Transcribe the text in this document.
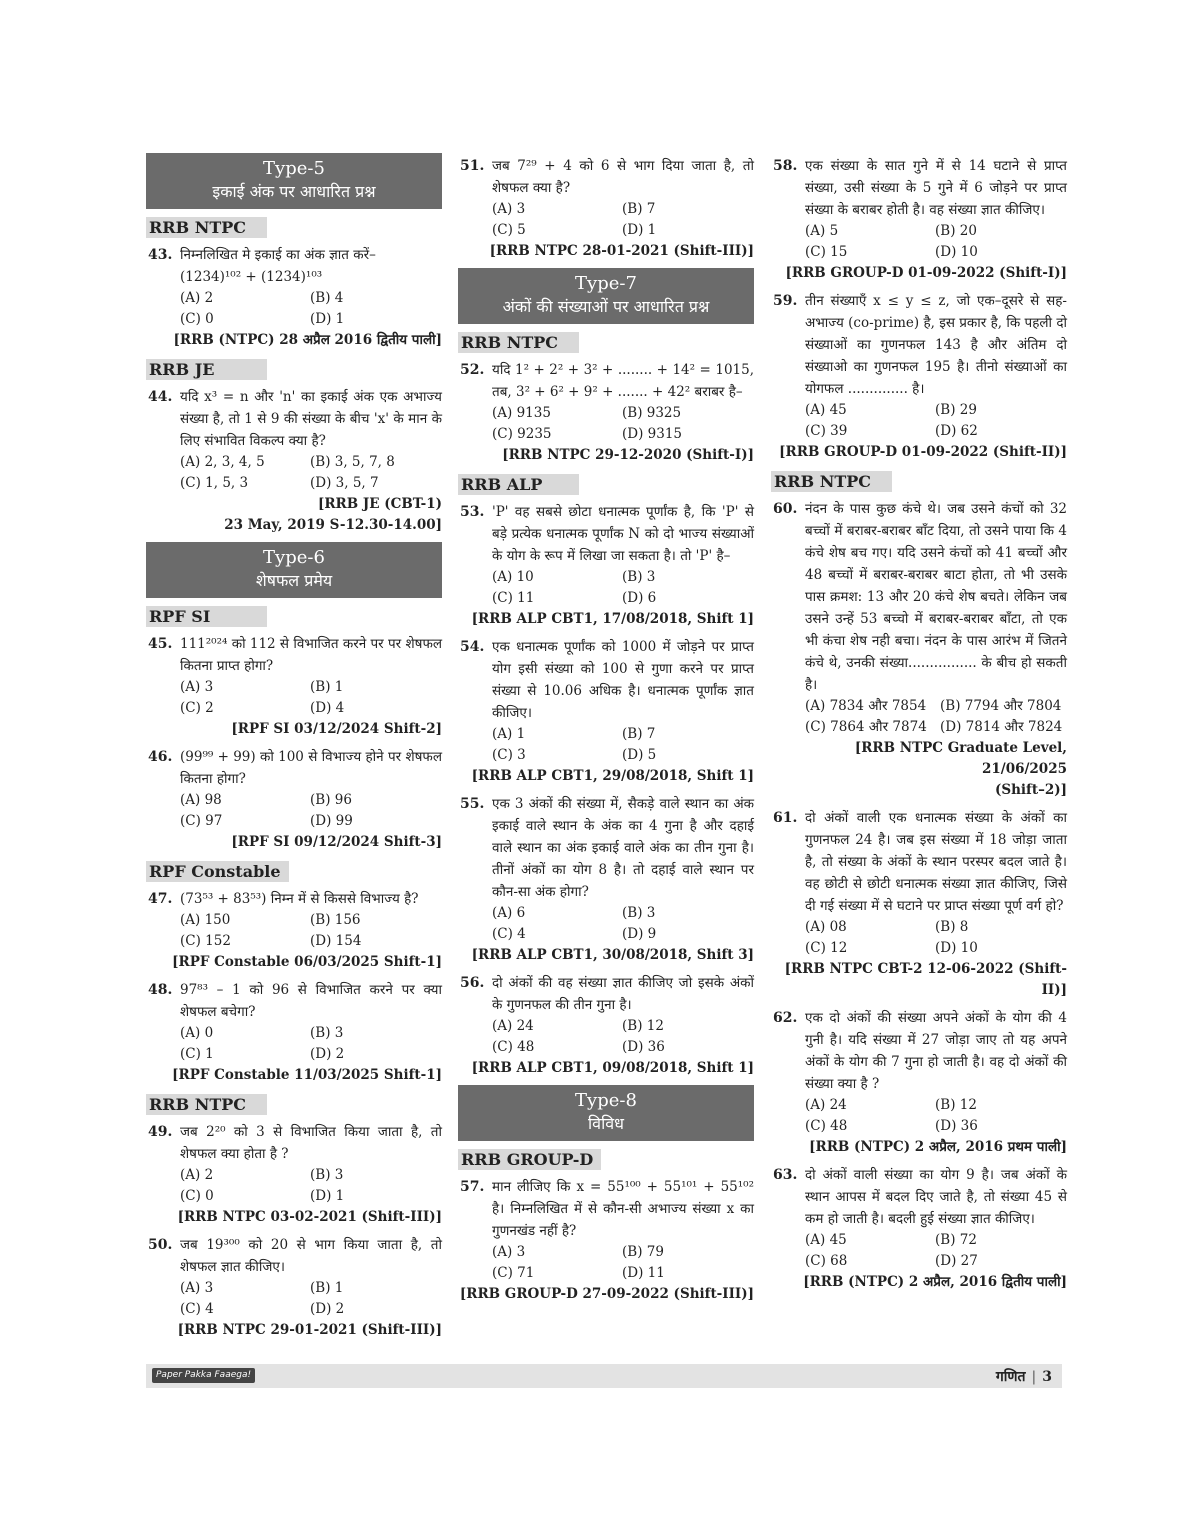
Type-5
इकाई अंक पर आधारित प्रश्न
RRB NTPC
43. निम्नलिखित मे इकाई का अंक ज्ञात करें–
(1234)¹⁰² + (1234)¹⁰³
(A) 2	(B) 4
(C) 0	(D) 1
[RRB (NTPC) 28 अप्रैल 2016 द्वितीय पाली]
RRB JE
44. यदि x³ = n और 'n' का इकाई अंक एक अभाज्य संख्या है, तो 1 से 9 की संख्या के बीच 'x' के मान के लिए संभावित विकल्प क्या है?
(A) 2, 3, 4, 5	(B) 3, 5, 7, 8
(C) 1, 5, 3	(D) 3, 5, 7
[RRB JE (CBT-1)
23 May, 2019 S-12.30-14.00]
Type-6
शेषफल प्रमेय
RPF SI
45. 111²⁰²⁴ को 112 से विभाजित करने पर पर शेषफल कितना प्राप्त होगा?
(A) 3	(B) 1
(C) 2	(D) 4
[RPF SI 03/12/2024 Shift-2]
46. (99⁹⁹ + 99) को 100 से विभाज्य होने पर शेषफल कितना होगा?
(A) 98	(B) 96
(C) 97	(D) 99
[RPF SI 09/12/2024 Shift-3]
RPF Constable
47. (73⁵³ + 83⁵³) निम्न में से किससे विभाज्य है?
(A) 150	(B) 156
(C) 152	(D) 154
[RPF Constable 06/03/2025 Shift-1]
48. 97⁸³ – 1 को 96 से विभाजित करने पर क्या शेषफल बचेगा?
(A) 0	(B) 3
(C) 1	(D) 2
[RPF Constable 11/03/2025 Shift-1]
RRB NTPC
49. जब 2²⁰ को 3 से विभाजित किया जाता है, तो शेषफल क्या होता है ?
(A) 2	(B) 3
(C) 0	(D) 1
[RRB NTPC 03-02-2021 (Shift-III)]
50. जब 19³⁰⁰ को 20 से भाग किया जाता है, तो शेषफल ज्ञात कीजिए।
(A) 3	(B) 1
(C) 4	(D) 2
[RRB NTPC 29-01-2021 (Shift-III)]
51. जब 7²⁹ + 4 को 6 से भाग दिया जाता है, तो शेषफल क्या है?
(A) 3	(B) 7
(C) 5	(D) 1
[RRB NTPC 28-01-2021 (Shift-III)]
Type-7
अंकों की संख्याओं पर आधारित प्रश्न
RRB NTPC
52. यदि 1² + 2² + 3² + ........ + 14² = 1015, तब, 3² + 6² + 9² + ....... + 42² बराबर है–
(A) 9135	(B) 9325
(C) 9235	(D) 9315
[RRB NTPC 29-12-2020 (Shift-I)]
RRB ALP
53. 'P' वह सबसे छोटा धनात्मक पूर्णांक है, कि 'P' से बड़े प्रत्येक धनात्मक पूर्णांक N को दो भाज्य संख्याओं के योग के रूप में लिखा जा सकता है। तो 'P' है–
(A) 10	(B) 3
(C) 11	(D) 6
[RRB ALP CBT1, 17/08/2018, Shift 1]
54. एक धनात्मक पूर्णांक को 1000 में जोड़ने पर प्राप्त योग इसी संख्या को 100 से गुणा करने पर प्राप्त संख्या से 10.06 अधिक है। धनात्मक पूर्णांक ज्ञात कीजिए।
(A) 1	(B) 7
(C) 3	(D) 5
[RRB ALP CBT1, 29/08/2018, Shift 1]
55. एक 3 अंकों की संख्या में, सैकड़े वाले स्थान का अंक इकाई वाले स्थान के अंक का 4 गुना है और दहाई वाले स्थान का अंक इकाई वाले अंक का तीन गुना है। तीनों अंकों का योग 8 है। तो दहाई वाले स्थान पर कौन-सा अंक होगा?
(A) 6	(B) 3
(C) 4	(D) 9
[RRB ALP CBT1, 30/08/2018, Shift 3]
56. दो अंकों की वह संख्या ज्ञात कीजिए जो इसके अंकों के गुणनफल की तीन गुना है।
(A) 24	(B) 12
(C) 48	(D) 36
[RRB ALP CBT1, 09/08/2018, Shift 1]
Type-8
विविध
RRB GROUP-D
57. मान लीजिए कि x = 55¹⁰⁰ + 55¹⁰¹ + 55¹⁰² है। निम्नलिखित में से कौन-सी अभाज्य संख्या x का गुणनखंड नहीं है?
(A) 3	(B) 79
(C) 71	(D) 11
[RRB GROUP-D 27-09-2022 (Shift-III)]
58. एक संख्या के सात गुने में से 14 घटाने से प्राप्त संख्या, उसी संख्या के 5 गुने में 6 जोड़ने पर प्राप्त संख्या के बराबर होती है। वह संख्या ज्ञात कीजिए।
(A) 5	(B) 20
(C) 15	(D) 10
[RRB GROUP-D 01-09-2022 (Shift-I)]
59. तीन संख्याएँ x ≤ y ≤ z, जो एक–दूसरे से सह-अभाज्य (co-prime) है, इस प्रकार है, कि पहली दो संख्याओं का गुणनफल 143 है और अंतिम दो संख्याओ का गुणनफल 195 है। तीनो संख्याओं का योगफल .............. है।
(A) 45	(B) 29
(C) 39	(D) 62
[RRB GROUP-D 01-09-2022 (Shift-II)]
RRB NTPC
60. नंदन के पास कुछ कंचे थे। जब उसने कंचों को 32 बच्चों में बराबर-बराबर बाँट दिया, तो उसने पाया कि 4 कंचे शेष बच गए। यदि उसने कंचों को 41 बच्चों और 48 बच्चों में बराबर-बराबर बाटा होता, तो भी उसके पास क्रमश: 13 और 20 कंचे शेष बचते। लेकिन जब उसने उन्हें 53 बच्चो में बराबर-बराबर बाँटा, तो एक भी कंचा शेष नही बचा। नंदन के पास आरंभ में जितने कंचे थे, उनकी संख्या................ के बीच हो सकती है।
(A) 7834 और 7854	(B) 7794 और 7804
(C) 7864 और 7874 (D) 7814 और 7824
[RRB NTPC Graduate Level, 21/06/2025
(Shift–2)]
61. दो अंकों वाली एक धनात्मक संख्या के अंकों का गुणनफल 24 है। जब इस संख्या में 18 जोड़ा जाता है, तो संख्या के अंकों के स्थान परस्पर बदल जाते है। वह छोटी से छोटी धनात्मक संख्या ज्ञात कीजिए, जिसे दी गई संख्या में से घटाने पर प्राप्त संख्या पूर्ण वर्ग हो?
(A) 08	(B) 8
(C) 12	(D) 10
[RRB NTPC CBT-2 12-06-2022 (Shift-II)]
62. एक दो अंकों की संख्या अपने अंकों के योग की 4 गुनी है। यदि संख्या में 27 जोड़ा जाए तो यह अपने अंकों के योग की 7 गुना हो जाती है। वह दो अंकों की संख्या क्या है ?
(A) 24	(B) 12
(C) 48	(D) 36
[RRB (NTPC) 2 अप्रैल, 2016 प्रथम पाली]
63. दो अंकों वाली संख्या का योग 9 है। जब अंकों के स्थान आपस में बदल दिए जाते है, तो संख्या 45 से कम हो जाती है। बदली हुई संख्या ज्ञात कीजिए।
(A) 45	(B) 72
(C) 68	(D) 27
[RRB (NTPC) 2 अप्रैल, 2016 द्वितीय पाली]
Paper Pakka Faaega!	गणित | 3
